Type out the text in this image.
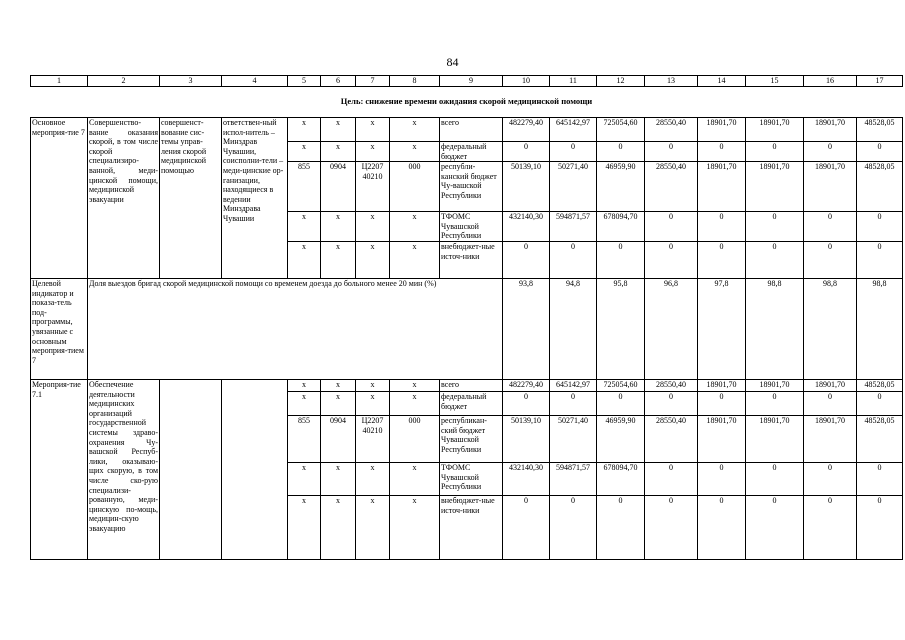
84
1	2	3	4	5	6	7	8	9	10	11	12	13	14	15	16	17
Цель: снижение времени ожидания скорой медицинской помощи																
Основное мероприя-тие 7	Совершенство-вание оказания скорой, в том числе скорой специализиро-ванной, меди-цинской помощи, медицинской эвакуации	совершенст-вование сис-темы управ-ления скорой медицинской помощью	ответствен-ный испол-нитель – Минздрав Чувашии, соисполни-тели – меди-цинские ор-ганизации, находящиеся в ведении Минздрава Чувашии	х	х	х	х	всего	482279,40	645142,97	725054,60	28550,40	18901,70	18901,70	18901,70	48528,05
				х	х	х	х	федеральный бюджет	0	0	0	0	0	0	0	0
				855	0904	Ц2207 40210	000	республи-канский бюджет Чу-вашской Республики	50139,10	50271,40	46959,90	28550,40	18901,70	18901,70	18901,70	48528,05
				х	х	х	х	ТФОМС Чувашской Республики	432140,30	594871,57	678094,70	0	0	0	0	0
				х	х	х	х	внебюджет-ные источ-ники	0	0	0	0	0	0	0	0
Целевой индикатор и показа-тель под-программы, увязанные с основным мероприя-тием 7	Доля выездов бригад скорой медицинской помощи со временем доезда до больного менее 20 мин (%)								93,8	94,8	95,8	96,8	97,8	98,8	98,8	98,8
Мероприя-тие 7.1	Обеспечение деятельности медицинских организаций государственной системы здраво-охранения Чу-вашской Респуб-лики, оказываю-щих скорую, в том числе ско-рую специализи-рованную, меди-цинскую по-мощь, медицин-скую эвакуацию			х	х	х	х	всего	482279,40	645142,97	725054,60	28550,40	18901,70	18901,70	18901,70	48528,05
				х	х	х	х	федеральный бюджет	0	0	0	0	0	0	0	0
				855	0904	Ц2207 40210	000	республикан-ский бюджет Чувашской Республики	50139,10	50271,40	46959,90	28550,40	18901,70	18901,70	18901,70	48528,05
				х	х	х	х	ТФОМС Чувашской Республики	432140,30	594871,57	678094,70	0	0	0	0	0
				х	х	х	х	внебюджет-ные источ-ники	0	0	0	0	0	0	0	0
